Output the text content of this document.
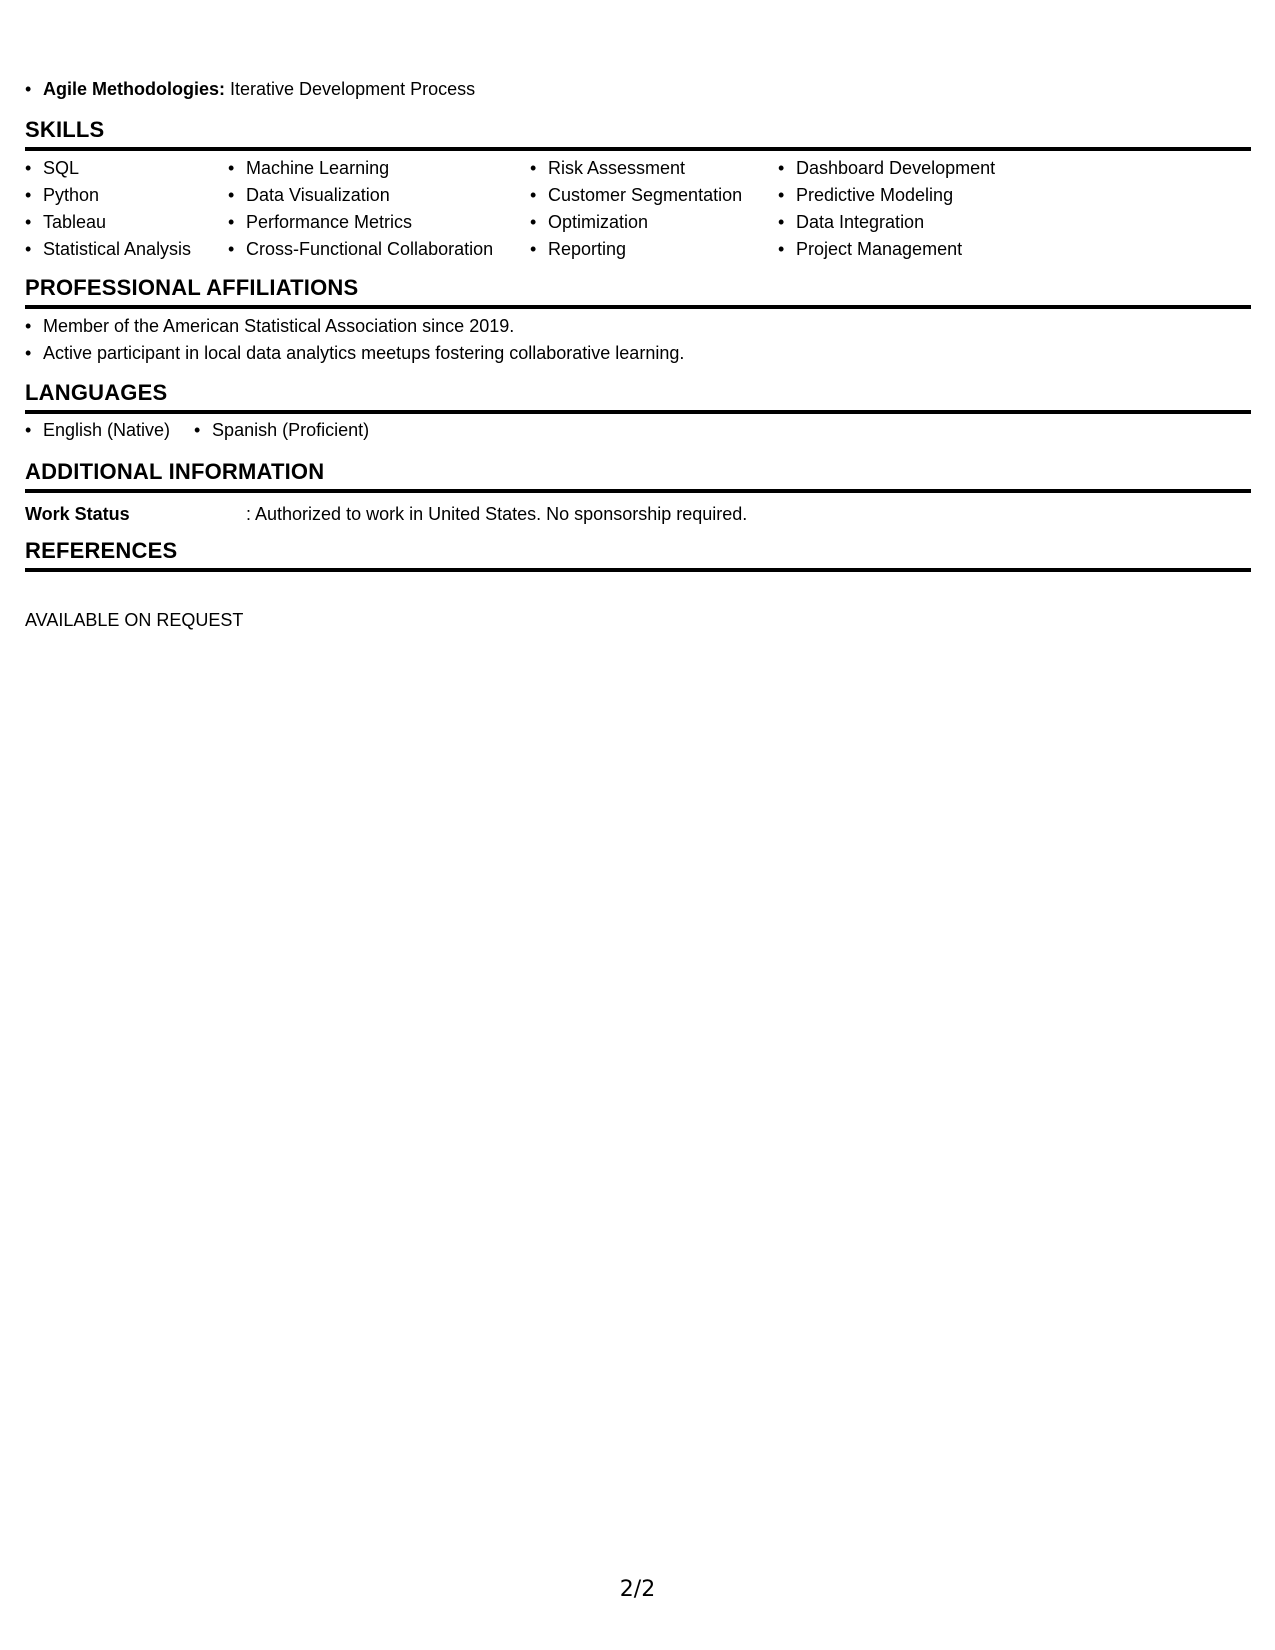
• Agile Methodologies: Iterative Development Process
SKILLS
• SQL
• Python
• Tableau
• Statistical Analysis
• Machine Learning
• Data Visualization
• Performance Metrics
• Cross-Functional Collaboration
• Risk Assessment
• Customer Segmentation
• Optimization
• Reporting
• Dashboard Development
• Predictive Modeling
• Data Integration
• Project Management
PROFESSIONAL AFFILIATIONS
• Member of the American Statistical Association since 2019.
• Active participant in local data analytics meetups fostering collaborative learning.
LANGUAGES
• English (Native) • Spanish (Proficient)
ADDITIONAL INFORMATION
Work Status	: Authorized to work in United States. No sponsorship required.
REFERENCES
AVAILABLE ON REQUEST
2/2
